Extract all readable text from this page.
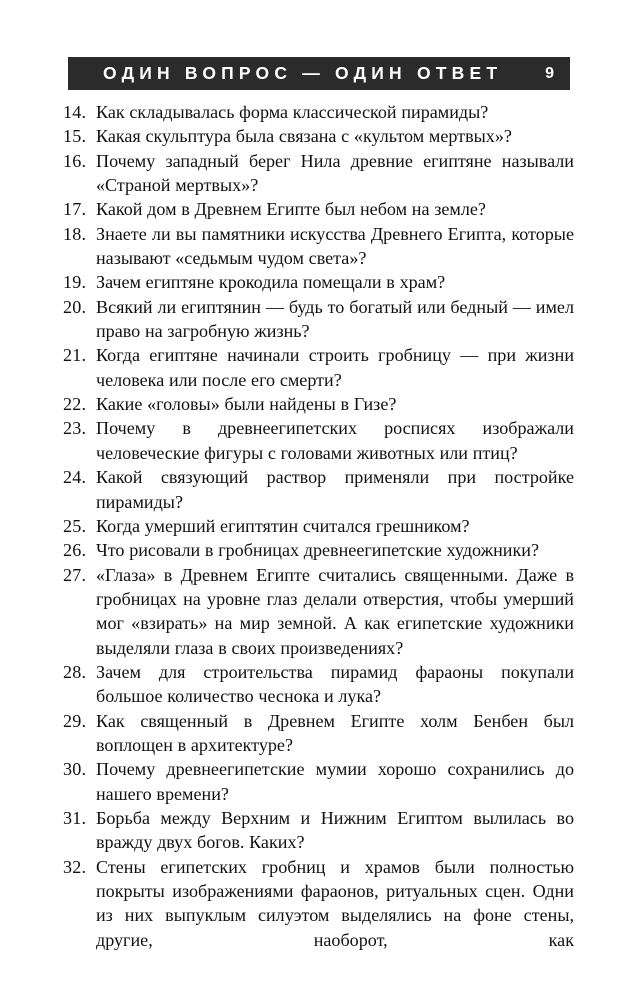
ОДИН ВОПРОС — ОДИН ОТВЕТ	9
14. Как складывалась форма классической пирамиды?
15. Какая скульптура была связана с «культом мертвых»?
16. Почему западный берег Нила древние египтяне называли «Страной мертвых»?
17. Какой дом в Древнем Египте был небом на земле?
18. Знаете ли вы памятники искусства Древнего Египта, которые называют «седьмым чудом света»?
19. Зачем египтяне крокодила помещали в храм?
20. Всякий ли египтянин — будь то богатый или бедный — имел право на загробную жизнь?
21. Когда египтяне начинали строить гробницу — при жизни человека или после его смерти?
22. Какие «головы» были найдены в Гизе?
23. Почему в древнеегипетских росписях изображали человеческие фигуры с головами животных или птиц?
24. Какой связующий раствор применяли при постройке пирамиды?
25. Когда умерший египтятин считался грешником?
26. Что рисовали в гробницах древнеегипетские художники?
27. «Глаза» в Древнем Египте считались священными. Даже в гробницах на уровне глаз делали отверстия, чтобы умерший мог «взирать» на мир земной. А как египетские художники выделяли глаза в своих произведениях?
28. Зачем для строительства пирамид фараоны покупали большое количество чеснока и лука?
29. Как священный в Древнем Египте холм Бенбен был воплощен в архитектуре?
30. Почему древнеегипетские мумии хорошо сохранились до нашего времени?
31. Борьба между Верхним и Нижним Египтом вылилась во вражду двух богов. Каких?
32. Стены египетских гробниц и храмов были полностью покрыты изображениями фараонов, ритуальных сцен. Одни из них выпуклым силуэтом выделялись на фоне стены, другие, наоборот, как
